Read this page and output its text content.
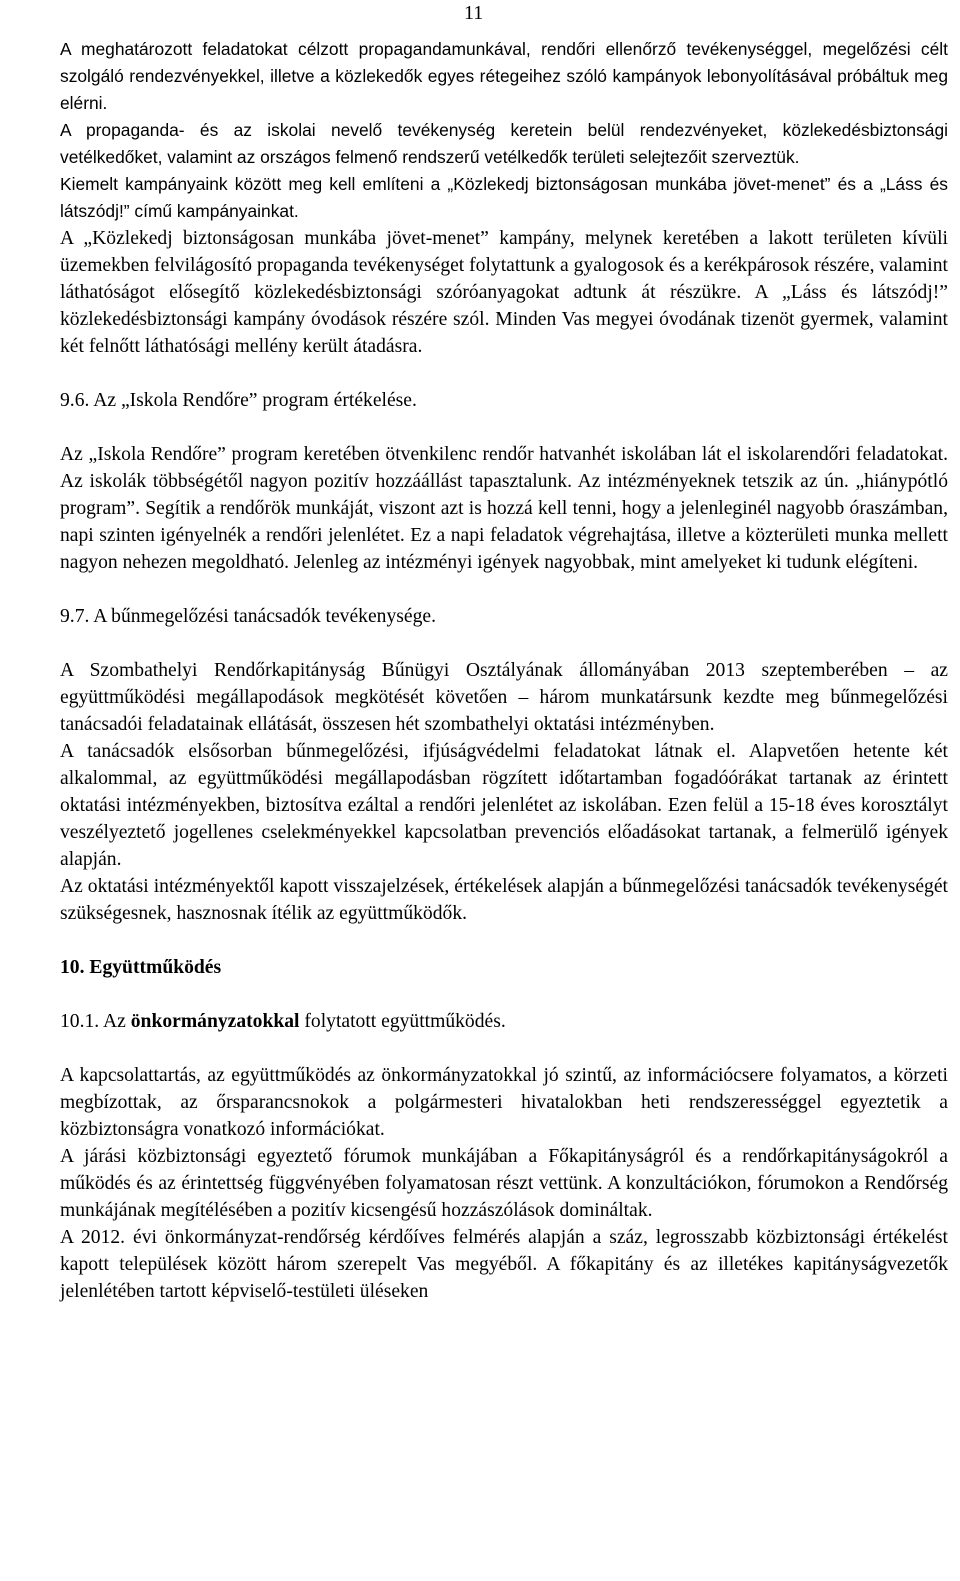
11

A meghatározott feladatokat célzott propagandamunkával, rendőri ellenőrző tevékenységgel, megelőzési célt szolgáló rendezvényekkel, illetve a közlekedők egyes rétegeihez szóló kampányok lebonyolításával próbáltuk meg elérni.

A propaganda- és az iskolai nevelő tevékenység keretein belül rendezvényeket, közlekedésbiztonsági vetélkedőket, valamint az országos felmenő rendszerű vetélkedők területi selejtezőit szerveztük.

Kiemelt kampányaink között meg kell említeni a „Közlekedj biztonságosan munkába jövet-menet” és a „Láss és látszódj!” című kampányainkat.

A „Közlekedj biztonságosan munkába jövet-menet” kampány, melynek keretében a lakott területen kívüli üzemekben felvilágosító propaganda tevékenységet folytattunk a gyalogosok és a kerékpárosok részére, valamint láthatóságot elősegítő közlekedésbiztonsági szóróanyagokat adtunk át részükre. A „Láss és látszódj!” közlekedésbiztonsági kampány óvodások részére szól. Minden Vas megyei óvodának tizenöt gyermek, valamint két felnőtt láthatósági mellény került átadásra.

9.6. Az „Iskola Rendőre” program értékelése.

Az „Iskola Rendőre” program keretében ötvenkilenc rendőr hatvanhét iskolában lát el iskolarendőri feladatokat. Az iskolák többségétől nagyon pozitív hozzáállást tapasztalunk. Az intézményeknek tetszik az ún. „hiánypótló program”. Segítik a rendőrök munkáját, viszont azt is hozzá kell tenni, hogy a jelenleginél nagyobb óraszámban, napi szinten igényelnék a rendőri jelenlétet. Ez a napi feladatok végrehajtása, illetve a közterületi munka mellett nagyon nehezen megoldható. Jelenleg az intézményi igények nagyobbak, mint amelyeket ki tudunk elégíteni.

9.7. A bűnmegelőzési tanácsadók tevékenysége.

A Szombathelyi Rendőrkapitányság Bűnügyi Osztályának állományában 2013 szeptemberében – az együttműködési megállapodások megkötését követően – három munkatársunk kezdte meg bűnmegelőzési tanácsadói feladatainak ellátását, összesen hét szombathelyi oktatási intézményben.

A tanácsadók elsősorban bűnmegelőzési, ifjúságvédelmi feladatokat látnak el. Alapvetően hetente két alkalommal, az együttműködési megállapodásban rögzített időtartamban fogadóórákat tartanak az érintett oktatási intézményekben, biztosítva ezáltal a rendőri jelenlétet az iskolában. Ezen felül a 15-18 éves korosztályt veszélyeztető jogellenes cselekményekkel kapcsolatban prevenciós előadásokat tartanak, a felmerülő igények alapján.

Az oktatási intézményektől kapott visszajelzések, értékelések alapján a bűnmegelőzési tanácsadók tevékenységét szükségesnek, hasznosnak ítélik az együttműködők.

10. Együttműködés
10.1. Az önkormányzatokkal folytatott együttműködés.

A kapcsolattartás, az együttműködés az önkormányzatokkal jó szintű, az információcsere folyamatos, a körzeti megbízottak, az őrsparancsnokok a polgármesteri hivatalokban heti rendszerességgel egyeztetik a közbiztonságra vonatkozó információkat.

A járási közbiztonsági egyeztető fórumok munkájában a Főkapitányságról és a rendőrkapitányságokról a működés és az érintettség függvényében folyamatosan részt vettünk. A konzultációkon, fórumokon a Rendőrség munkájának megítélésében a pozitív kicsengésű hozzászólások domináltak.

A 2012. évi önkormányzat-rendőrség kérdőíves felmérés alapján a száz, legrosszabb közbiztonsági értékelést kapott települések között három szerepelt Vas megyéből. A főkapitány és az illetékes kapitányságvezetők jelenlétében tartott képviselő-testületi üléseken
